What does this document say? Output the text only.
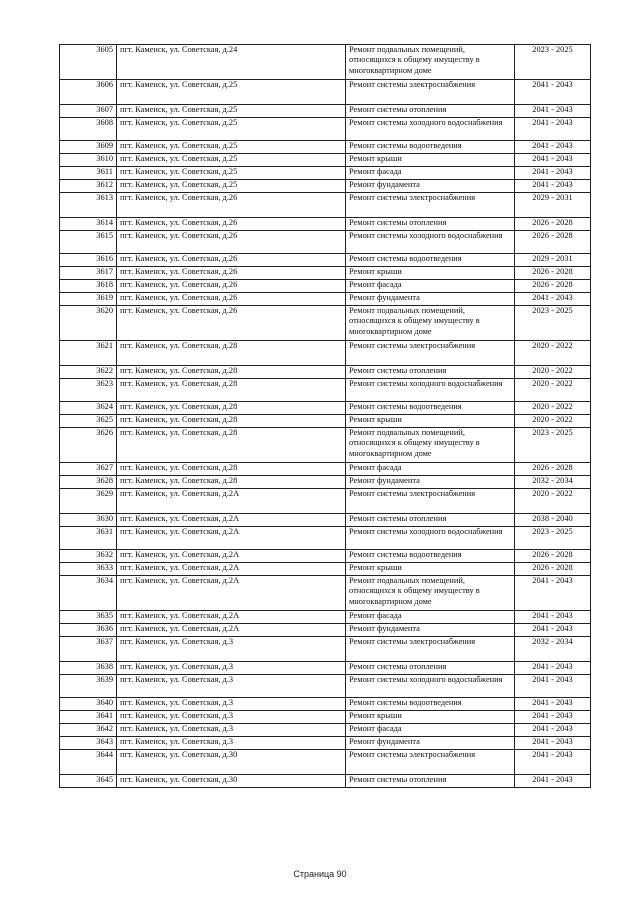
3605	пгт. Каменск, ул. Советская, д.24	Ремонт подвальных помещений, относящихся к общему имуществу в многоквартирном доме	2023 - 2025
3606	пгт. Каменск, ул. Советская, д.25	Ремонт системы электроснабжения	2041 - 2043
3607	пгт. Каменск, ул. Советская, д.25	Ремонт системы отопления	2041 - 2043
3608	пгт. Каменск, ул. Советская, д.25	Ремонт системы холодного водоснабжения	2041 - 2043
3609	пгт. Каменск, ул. Советская, д.25	Ремонт системы водоотведения	2041 - 2043
3610	пгт. Каменск, ул. Советская, д.25	Ремонт крыши	2041 - 2043
3611	пгт. Каменск, ул. Советская, д.25	Ремонт фасада	2041 - 2043
3612	пгт. Каменск, ул. Советская, д.25	Ремонт фундамента	2041 - 2043
3613	пгт. Каменск, ул. Советская, д.26	Ремонт системы электроснабжения	2029 - 2031
3614	пгт. Каменск, ул. Советская, д.26	Ремонт системы отопления	2026 - 2028
3615	пгт. Каменск, ул. Советская, д.26	Ремонт системы холодного водоснабжения	2026 - 2028
3616	пгт. Каменск, ул. Советская, д.26	Ремонт системы водоотведения	2029 - 2031
3617	пгт. Каменск, ул. Советская, д.26	Ремонт крыши	2026 - 2028
3618	пгт. Каменск, ул. Советская, д.26	Ремонт фасада	2026 - 2028
3619	пгт. Каменск, ул. Советская, д.26	Ремонт фундамента	2041 - 2043
3620	пгт. Каменск, ул. Советская, д.26	Ремонт подвальных помещений, относящихся к общему имуществу в многоквартирном доме	2023 - 2025
3621	пгт. Каменск, ул. Советская, д.28	Ремонт системы электроснабжения	2020 - 2022
3622	пгт. Каменск, ул. Советская, д.28	Ремонт системы отопления	2020 - 2022
3623	пгт. Каменск, ул. Советская, д.28	Ремонт системы холодного водоснабжения	2020 - 2022
3624	пгт. Каменск, ул. Советская, д.28	Ремонт системы водоотведения	2020 - 2022
3625	пгт. Каменск, ул. Советская, д.28	Ремонт крыши	2020 - 2022
3626	пгт. Каменск, ул. Советская, д.28	Ремонт подвальных помещений, относящихся к общему имуществу в многоквартирном доме	2023 - 2025
3627	пгт. Каменск, ул. Советская, д.28	Ремонт фасада	2026 - 2028
3628	пгт. Каменск, ул. Советская, д.28	Ремонт фундамента	2032 - 2034
3629	пгт. Каменск, ул. Советская, д.2А	Ремонт системы электроснабжения	2020 - 2022
3630	пгт. Каменск, ул. Советская, д.2А	Ремонт системы отопления	2038 - 2040
3631	пгт. Каменск, ул. Советская, д.2А	Ремонт системы холодного водоснабжения	2023 - 2025
3632	пгт. Каменск, ул. Советская, д.2А	Ремонт системы водоотведения	2026 - 2028
3633	пгт. Каменск, ул. Советская, д.2А	Ремонт крыши	2026 - 2028
3634	пгт. Каменск, ул. Советская, д.2А	Ремонт подвальных помещений, относящихся к общему имуществу в многоквартирном доме	2041 - 2043
3635	пгт. Каменск, ул. Советская, д.2А	Ремонт фасада	2041 - 2043
3636	пгт. Каменск, ул. Советская, д.2А	Ремонт фундамента	2041 - 2043
3637	пгт. Каменск, ул. Советская, д.3	Ремонт системы электроснабжения	2032 - 2034
3638	пгт. Каменск, ул. Советская, д.3	Ремонт системы отопления	2041 - 2043
3639	пгт. Каменск, ул. Советская, д.3	Ремонт системы холодного водоснабжения	2041 - 2043
3640	пгт. Каменск, ул. Советская, д.3	Ремонт системы водоотведения	2041 - 2043
3641	пгт. Каменск, ул. Советская, д.3	Ремонт крыши	2041 - 2043
3642	пгт. Каменск, ул. Советская, д.3	Ремонт фасада	2041 - 2043
3643	пгт. Каменск, ул. Советская, д.3	Ремонт фундамента	2041 - 2043
3644	пгт. Каменск, ул. Советская, д.30	Ремонт системы электроснабжения	2041 - 2043
3645	пгт. Каменск, ул. Советская, д.30	Ремонт системы отопления	2041 - 2043
Страница 90
